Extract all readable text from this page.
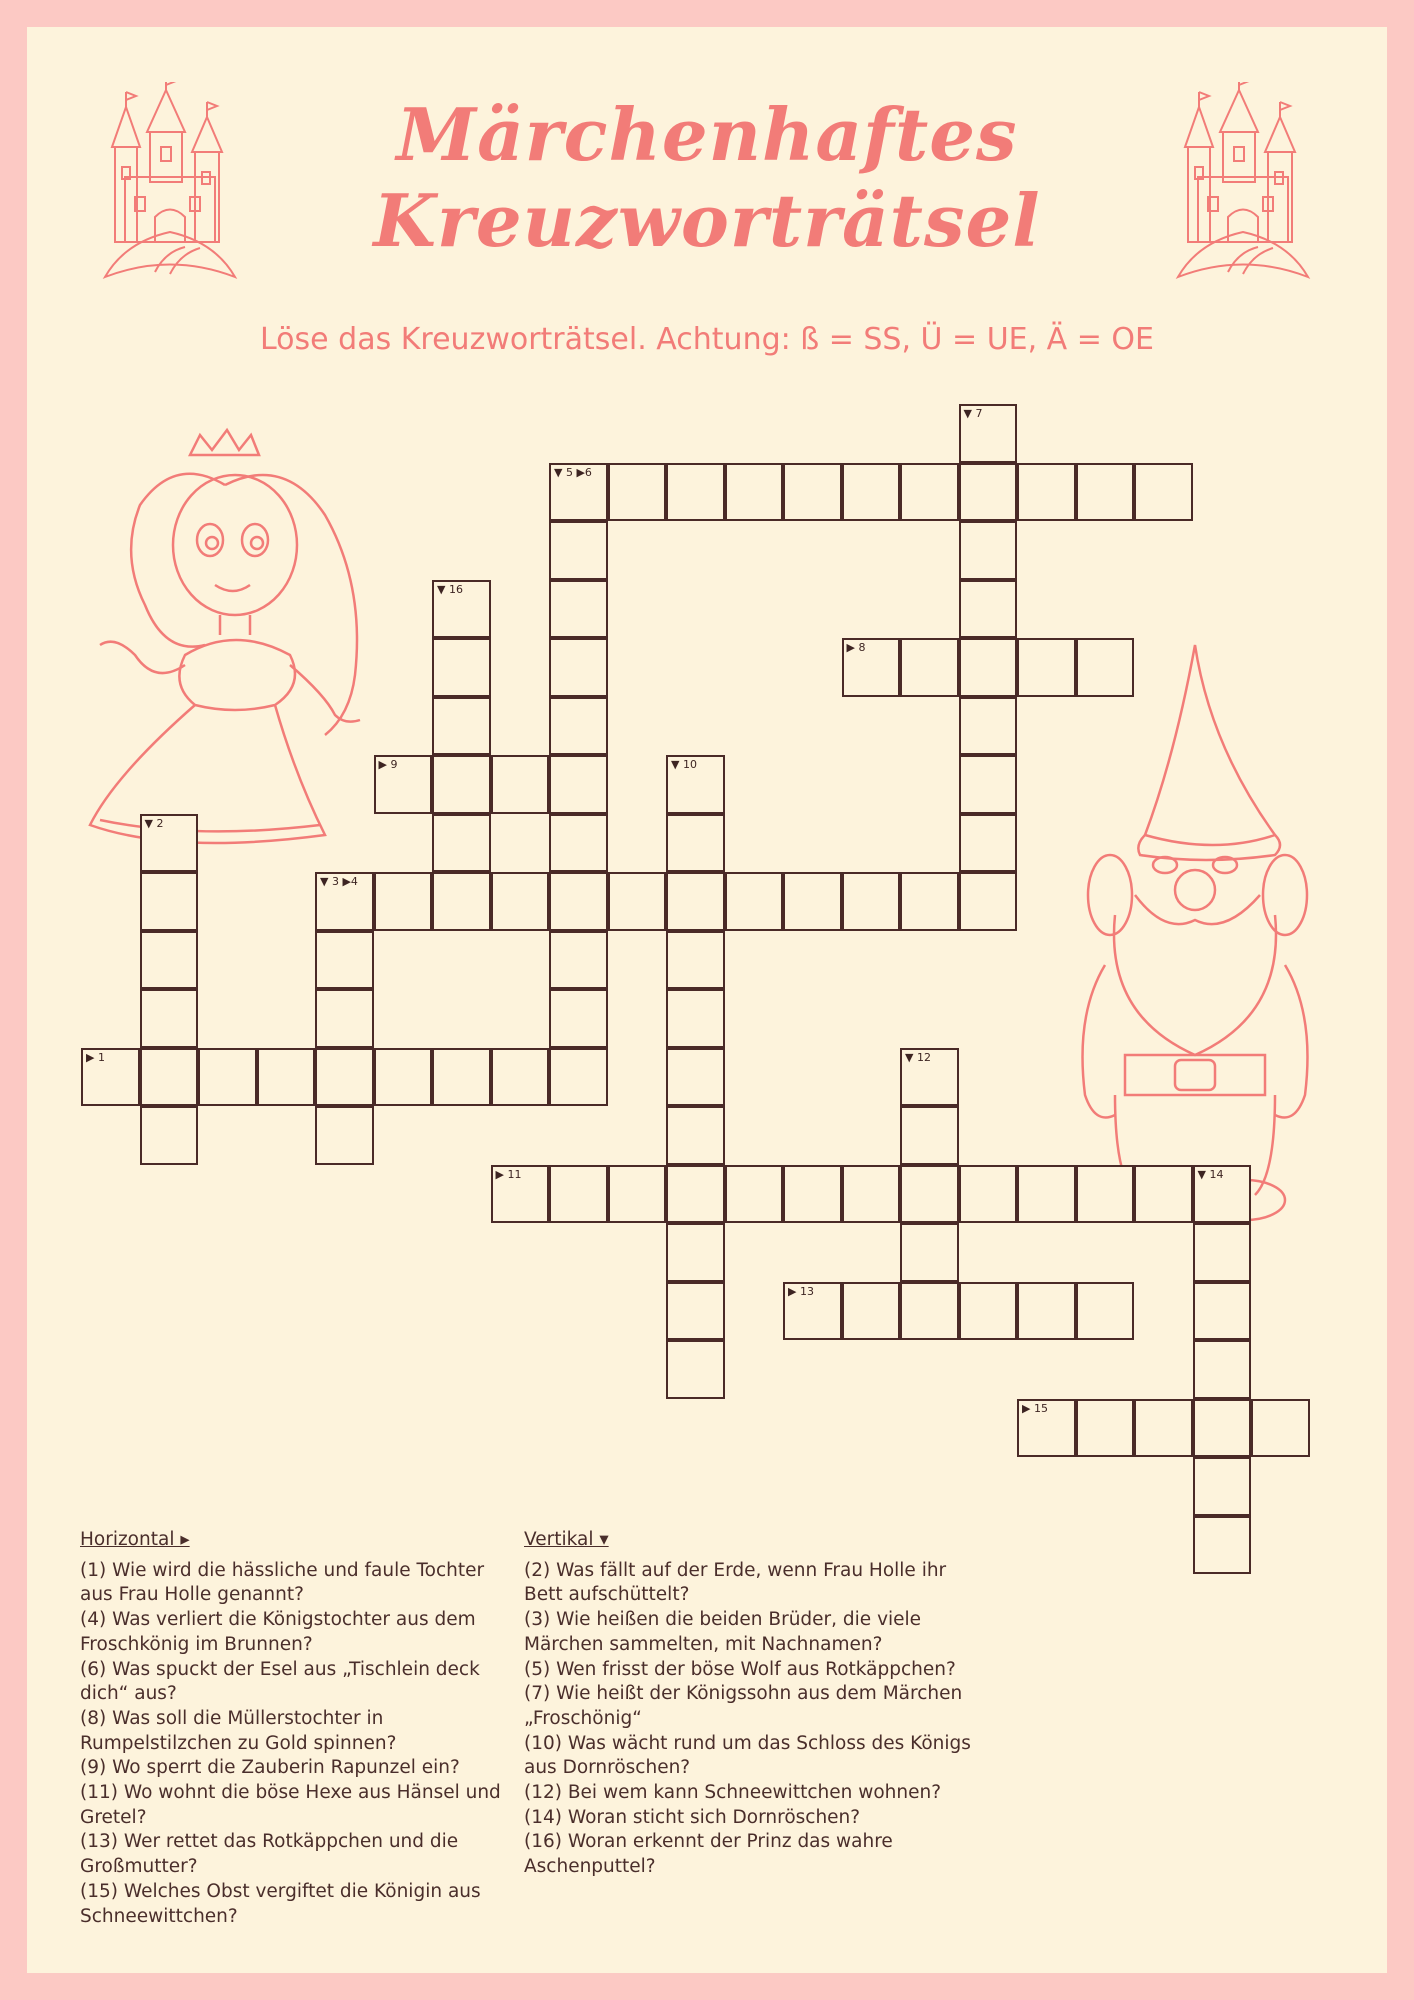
Märchenhaftes
Kreuzworträtsel
Löse das Kreuzworträtsel. Achtung: ß = SS, Ü = UE, Ä = OE
▶ 1
▼ 2
▼ 3 ▶4
▼ 5 ▶6
▼ 7
▶ 8
▶ 9	▼ 10
▶ 11	▼ 14
▼ 12
▶ 13
▶ 15
▼ 16
Horizontal ▸

(1) Wie wird die hässliche und faule Tochter aus Frau Holle genannt?

(4) Was verliert die Königstochter aus dem Froschkönig im Brunnen?

(6) Was spuckt der Esel aus „Tischlein deck dich“ aus?

(8) Was soll die Müllerstochter in Rumpelstilzchen zu Gold spinnen?

(9) Wo sperrt die Zauberin Rapunzel ein?

(11) Wo wohnt die böse Hexe aus Hänsel und Gretel?

(13) Wer rettet das Rotkäppchen und die Großmutter?

(15) Welches Obst vergiftet die Königin aus Schneewittchen?

Vertikal ▾

(2) Was fällt auf der Erde, wenn Frau Holle ihr Bett aufschüttelt?

(3) Wie heißen die beiden Brüder, die viele Märchen sammelten, mit Nachnamen?

(5) Wen frisst der böse Wolf aus Rotkäppchen?

(7) Wie heißt der Königssohn aus dem Märchen „Froschönig“

(10) Was wächt rund um das Schloss des Königs aus Dornröschen?

(12) Bei wem kann Schneewittchen wohnen?

(14) Woran sticht sich Dornröschen?

(16) Woran erkennt der Prinz das wahre Aschenputtel?
